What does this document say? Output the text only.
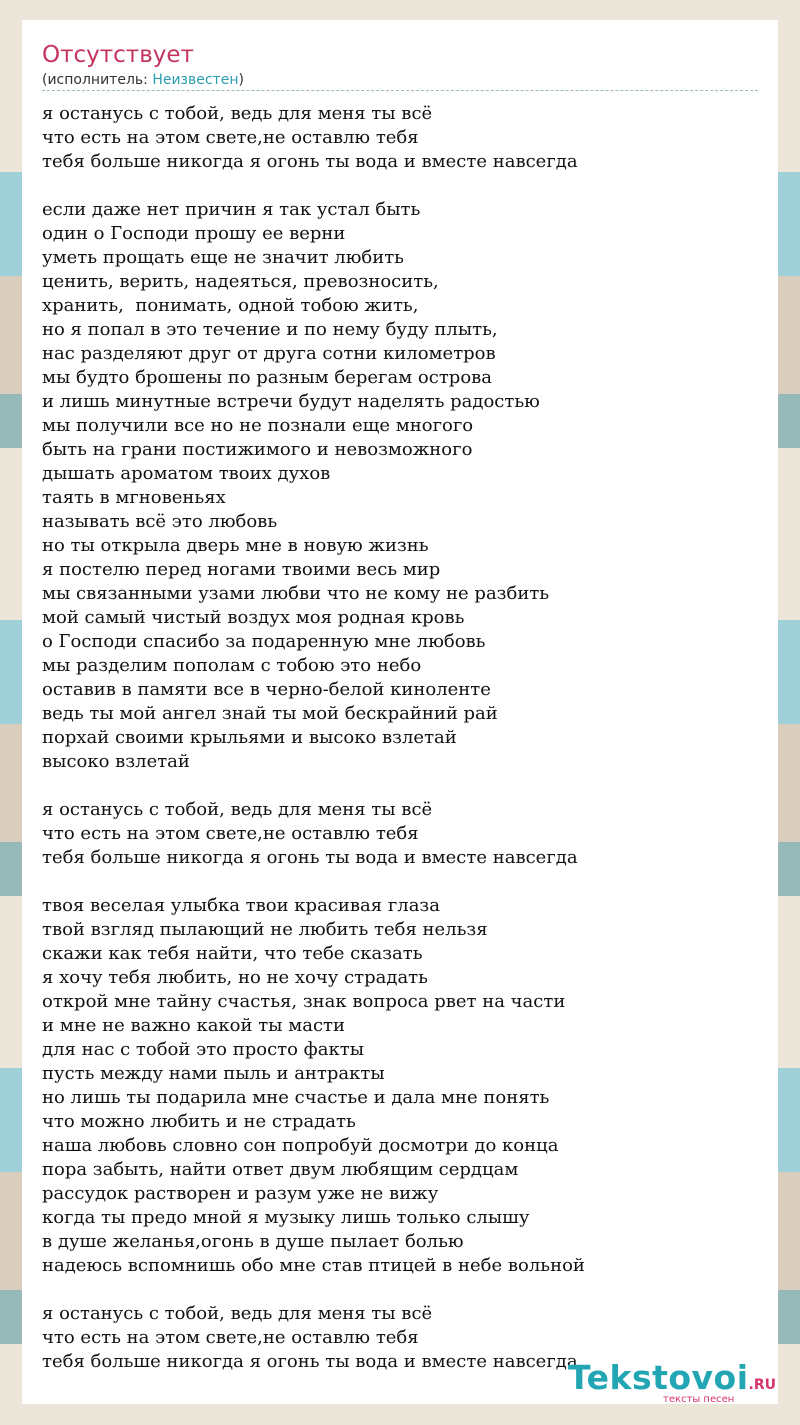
Отсутствует
(исполнитель: Неизвестен)
я останусь с тобой, ведь для меня ты всё
что есть на этом свете,не оставлю тебя
тебя больше никогда я огонь ты вода и вместе навсегда
если даже нет причин я так устал быть
один о Господи прошу ее верни
уметь прощать еще не значит любить
ценить, верить, надеяться, превозносить,
хранить,  понимать, одной тобою жить,
но я попал в это течение и по нему буду плыть,
нас разделяют друг от друга сотни километров
мы будто брошены по разным берегам острова
и лишь минутные встречи будут наделять радостью
мы получили все но не познали еще многого
быть на грани постижимого и невозможного
дышать ароматом твоих духов
таять в мгновеньях
называть всё это любовь
но ты открыла дверь мне в новую жизнь
я постелю перед ногами твоими весь мир
мы связанными узами любви что не кому не разбить
мой самый чистый воздух моя родная кровь
о Господи спасибо за подаренную мне любовь
мы разделим пополам с тобою это небо
оставив в памяти все в черно-белой киноленте
ведь ты мой ангел знай ты мой бескрайний рай
порхай своими крыльями и высоко взлетай
высоко взлетай
я останусь с тобой, ведь для меня ты всё
что есть на этом свете,не оставлю тебя
тебя больше никогда я огонь ты вода и вместе навсегда
твоя веселая улыбка твои красивая глаза
твой взгляд пылающий не любить тебя нельзя
скажи как тебя найти, что тебе сказать
я хочу тебя любить, но не хочу страдать
открой мне тайну счастья, знак вопроса рвет на части
и мне не важно какой ты масти
для нас с тобой это просто факты
пусть между нами пыль и антракты
но лишь ты подарила мне счастье и дала мне понять
что можно любить и не страдать
наша любовь словно сон попробуй досмотри до конца
пора забыть, найти ответ двум любящим сердцам
рассудок растворен и разум уже не вижу
когда ты предо мной я музыку лишь только слышу
в душе желанья,огонь в душе пылает болью
надеюсь вспомнишь обо мне став птицей в небе вольной
я останусь с тобой, ведь для меня ты всё
что есть на этом свете,не оставлю тебя
тебя больше никогда я огонь ты вода и вместе навсегда
Tekstovoi.RU
тексты песен
